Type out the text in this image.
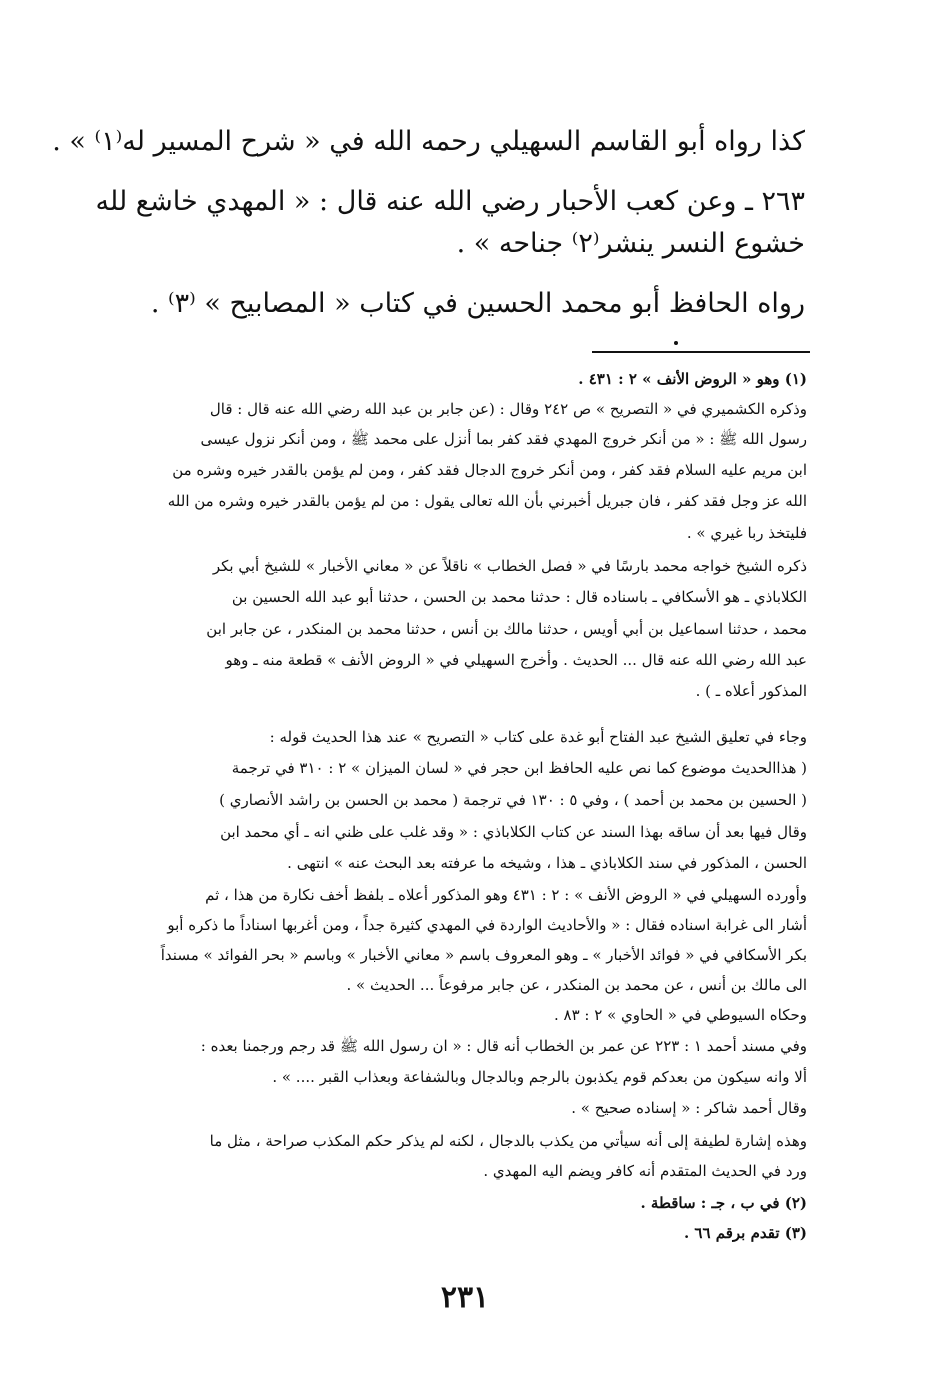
كذا رواه أبو القاسم السهيلي رحمه الله في « شرح المسير له⁽١⁾ » .
٢٦٣ ـ وعن كعب الأحبار رضي الله عنه قال : « المهدي خاشع لله
خشوع النسر ينشر⁽٢⁾ جناحه » .
رواه الحافظ أبو محمد الحسين في كتاب « المصابيح » ⁽٣⁾ .
(١) وهو « الروض الأنف » ٢ : ٤٣١ .
وذكره الكشميري في « التصريح » ص ٢٤٢ وقال : (عن جابر بن عبد الله رضي الله عنه قال : قال
رسول الله ﷺ : « من أنكر خروج المهدي فقد كفر بما أنزل على محمد ﷺ ، ومن أنكر نزول عيسى
ابن مريم عليه السلام فقد كفر ، ومن أنكر خروج الدجال فقد كفر ، ومن لم يؤمن بالقدر خيره وشره من
الله عز وجل فقد كفر ، فان جبريل أخبرني بأن الله تعالى يقول : من لم يؤمن بالقدر خيره وشره من الله
فليتخذ ربا غيري » .
ذكره الشيخ خواجه محمد بارسًا في « فصل الخطاب » ناقلاً عن « معاني الأخبار » للشيخ أبي بكر
الكلاباذي ـ هو الأسكافي ـ باسناده قال : حدثنا محمد بن الحسن ، حدثنا أبو عبد الله الحسين بن
محمد ، حدثنا اسماعيل بن أبي أويس ، حدثنا مالك بن أنس ، حدثنا محمد بن المنكدر ، عن جابر ابن
عبد الله رضي الله عنه قال ... الحديث . وأخرج السهيلي في « الروض الأنف » قطعة منه ـ وهو
المذكور أعلاه ـ ) .
وجاء في تعليق الشيخ عبد الفتاح أبو غدة على كتاب « التصريح » عند هذا الحديث قوله :
( هذاالحديث موضوع كما نص عليه الحافظ ابن حجر في « لسان الميزان » ٢ : ٣١٠ في ترجمة
( الحسين بن محمد بن أحمد ) ، وفي ٥ : ١٣٠ في ترجمة ( محمد بن الحسن بن راشد الأنصاري )
وقال فيها بعد أن ساقه بهذا السند عن كتاب الكلاباذي : « وقد غلب على ظني انه ـ أي محمد ابن
الحسن ، المذكور في سند الكلاباذي ـ هذا ، وشيخه ما عرفته بعد البحث عنه » انتهى .
وأورده السهيلي في « الروض الأنف » : ٢ : ٤٣١ وهو المذكور أعلاه ـ بلفظ أخف نكارة من هذا ، ثم
أشار الى غرابة اسناده فقال : « والأحاديث الواردة في المهدي كثيرة جداً ، ومن أغربها اسناداً ما ذكره أبو
بكر الأسكافي في « فوائد الأخبار » ـ وهو المعروف باسم « معاني الأخبار » وباسم « بحر الفوائد » مسنداً
الى مالك بن أنس ، عن محمد بن المنكدر ، عن جابر مرفوعاً ... الحديث » .
وحكاه السيوطي في « الحاوي » ٢ : ٨٣ .
وفي مسند أحمد ١ : ٢٢٣ عن عمر بن الخطاب أنه قال : « ان رسول الله ﷺ قد رجم ورجمنا بعده :
ألا وانه سيكون من بعدكم قوم يكذبون بالرجم وبالدجال وبالشفاعة وبعذاب القبر .... » .
وقال أحمد شاكر : « إسناده صحيح » .
وهذه إشارة لطيفة إلى أنه سيأتي من يكذب بالدجال ، لكنه لم يذكر حكم المكذب صراحة ، مثل ما
ورد في الحديث المتقدم أنه كافر ويضم اليه المهدي .
(٢) في ب ، جـ : ساقطة .
(٣) تقدم برقم ٦٦ .
٢٣١
